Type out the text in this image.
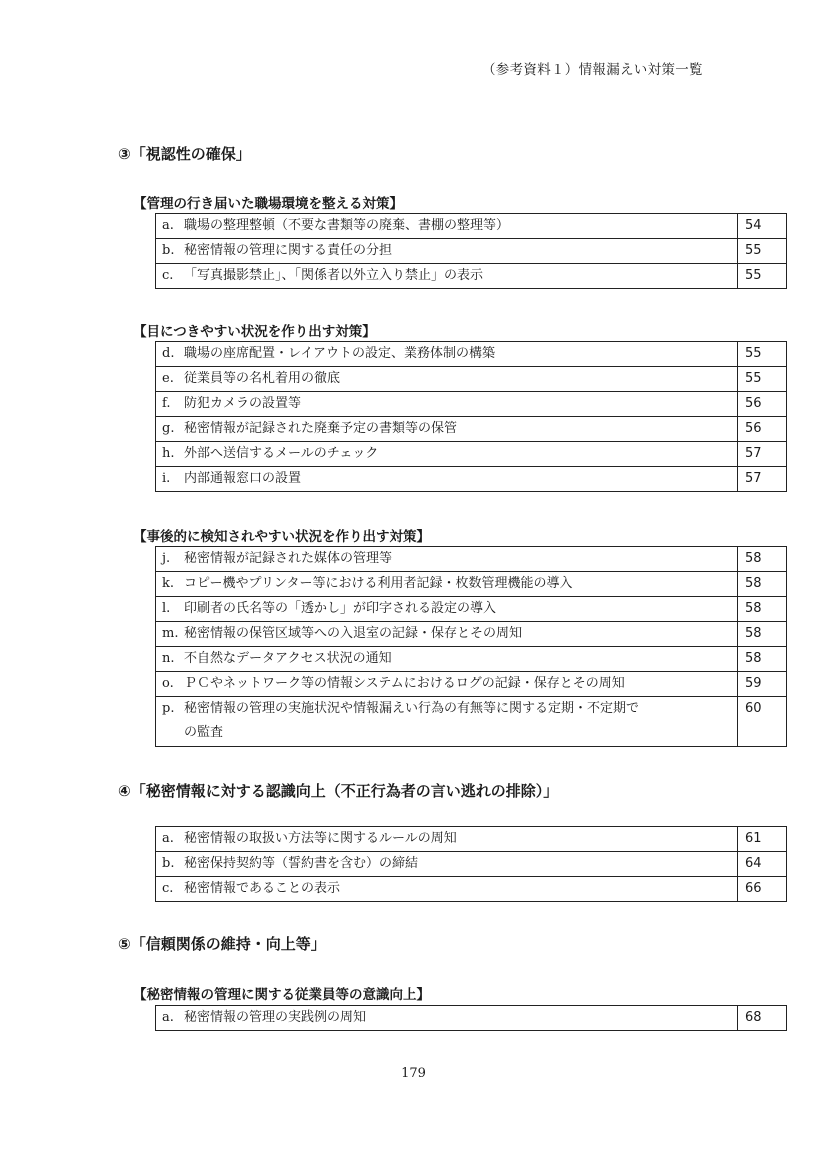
（参考資料１）情報漏えい対策一覧
③「視認性の確保」
【管理の行き届いた職場環境を整える対策】
a. 職場の整理整頓（不要な書類等の廃棄、書棚の整理等）	54
b. 秘密情報の管理に関する責任の分担	55
c. 「写真撮影禁止」、「関係者以外立入り禁止」の表示	55
【目につきやすい状況を作り出す対策】
d. 職場の座席配置・レイアウトの設定、業務体制の構築	55
e. 従業員等の名札着用の徹底	55
f. 防犯カメラの設置等	56
g. 秘密情報が記録された廃棄予定の書類等の保管	56
h. 外部へ送信するメールのチェック	57
i. 内部通報窓口の設置	57
【事後的に検知されやすい状況を作り出す対策】
j. 秘密情報が記録された媒体の管理等	58
k. コピー機やプリンター等における利用者記録・枚数管理機能の導入	58
l. 印刷者の氏名等の「透かし」が印字される設定の導入	58
m. 秘密情報の保管区域等への入退室の記録・保存とその周知	58
n. 不自然なデータアクセス状況の通知	58
o. ＰＣやネットワーク等の情報システムにおけるログの記録・保存とその周知	59
p. 秘密情報の管理の実施状況や情報漏えい行為の有無等に関する定期・不定期で
の監査	60
④「秘密情報に対する認識向上（不正行為者の言い逃れの排除）」
a. 秘密情報の取扱い方法等に関するルールの周知	61
b. 秘密保持契約等（誓約書を含む）の締結	64
c. 秘密情報であることの表示	66
⑤「信頼関係の維持・向上等」
【秘密情報の管理に関する従業員等の意識向上】
a. 秘密情報の管理の実践例の周知	68
179
